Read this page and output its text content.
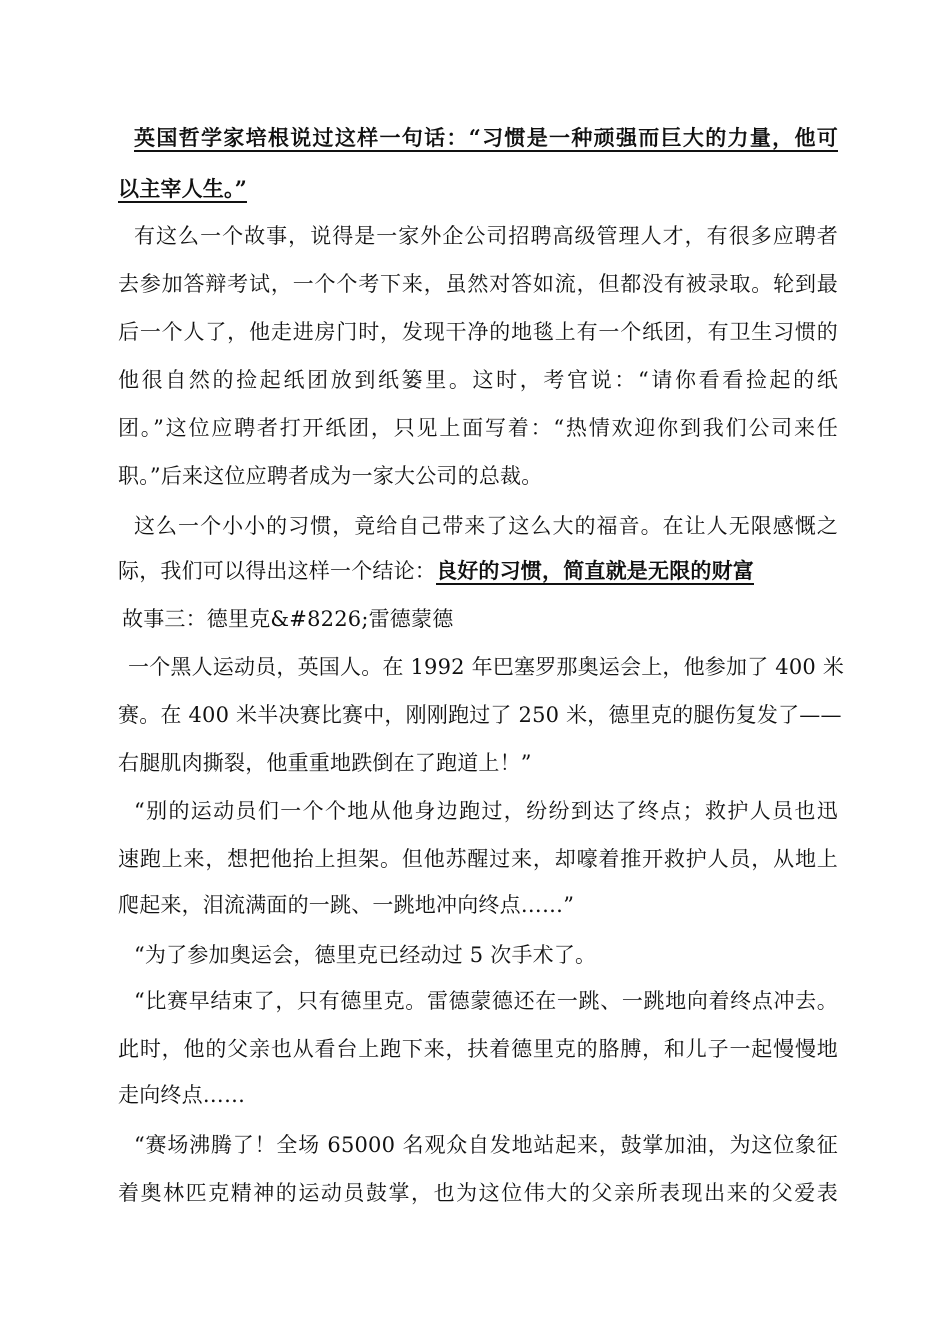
英国哲学家培根说过这样一句话：“习惯是一种顽强而巨大的力量，他可
以主宰人生。”
有这么一个故事，说得是一家外企公司招聘高级管理人才，有很多应聘者
去参加答辩考试，一个个考下来，虽然对答如流，但都没有被录取。轮到最
后一个人了，他走进房门时，发现干净的地毯上有一个纸团，有卫生习惯的
他很自然的捡起纸团放到纸篓里。这时，考官说：“请你看看捡起的纸
团。”这位应聘者打开纸团，只见上面写着：“热情欢迎你到我们公司来任
职。”后来这位应聘者成为一家大公司的总裁。
这么一个小小的习惯，竟给自己带来了这么大的福音。在让人无限感慨之
际，我们可以得出这样一个结论：良好的习惯，简直就是无限的财富
故事三：德里克&#8226;雷德蒙德
一个黑人运动员，英国人。在 1992 年巴塞罗那奥运会上，他参加了 400 米
赛。在 400 米半决赛比赛中，刚刚跑过了 250 米，德里克的腿伤复发了——
右腿肌肉撕裂，他重重地跌倒在了跑道上！”
“别的运动员们一个个地从他身边跑过，纷纷到达了终点；救护人员也迅
速跑上来，想把他抬上担架。但他苏醒过来，却嚎着推开救护人员，从地上
爬起来，泪流满面的一跳、一跳地冲向终点……”
“为了参加奥运会，德里克已经动过 5 次手术了。
“比赛早结束了，只有德里克。雷德蒙德还在一跳、一跳地向着终点冲去。
此时，他的父亲也从看台上跑下来，扶着德里克的胳膊，和儿子一起慢慢地
走向终点……
“赛场沸腾了！全场 65000 名观众自发地站起来，鼓掌加油，为这位象征
着奥林匹克精神的运动员鼓掌，也为这位伟大的父亲所表现出来的父爱表
